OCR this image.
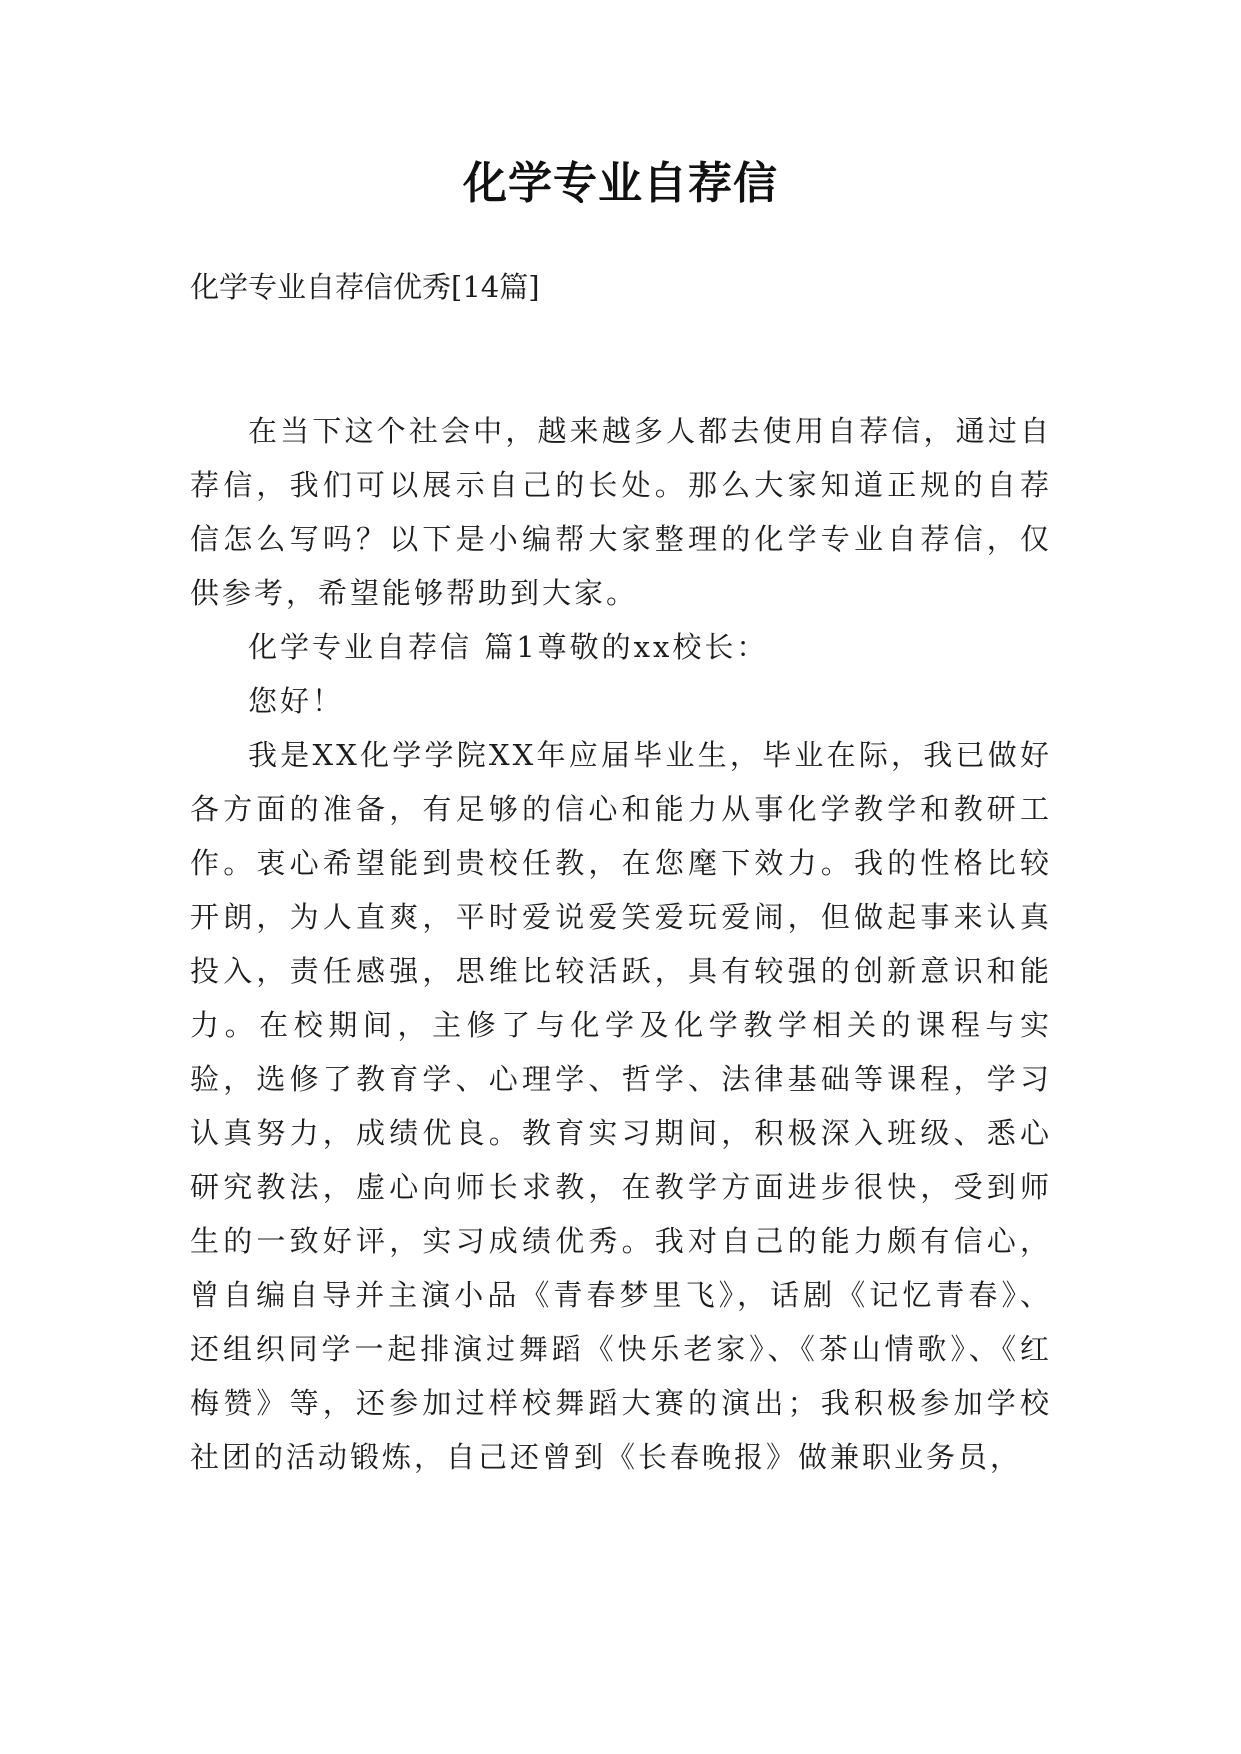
化学专业自荐信
化学专业自荐信优秀[14篇]

在当下这个社会中，越来越多人都去使用自荐信，通过自荐信，我们可以展示自己的长处。那么大家知道正规的自荐信怎么写吗？以下是小编帮大家整理的化学专业自荐信，仅供参考，希望能够帮助到大家。

化学专业自荐信 篇1尊敬的xx校长：

您好！

我是XX化学学院XX年应届毕业生，毕业在际，我已做好各方面的准备，有足够的信心和能力从事化学教学和教研工作。衷心希望能到贵校任教，在您麾下效力。我的性格比较开朗，为人直爽，平时爱说爱笑爱玩爱闹，但做起事来认真投入，责任感强，思维比较活跃，具有较强的创新意识和能力。在校期间，主修了与化学及化学教学相关的课程与实验，选修了教育学、心理学、哲学、法律基础等课程，学习认真努力，成绩优良。教育实习期间，积极深入班级、悉心研究教法，虚心向师长求教，在教学方面进步很快，受到师生的一致好评，实习成绩优秀。我对自己的能力颇有信心，曾自编自导并主演小品《青春梦里飞》，话剧《记忆青春》、还组织同学一起排演过舞蹈《快乐老家》、《茶山情歌》、《红梅赞》等，还参加过样校舞蹈大赛的演出；我积极参加学校社团的活动锻炼，自己还曾到《长春晚报》做兼职业务员，
